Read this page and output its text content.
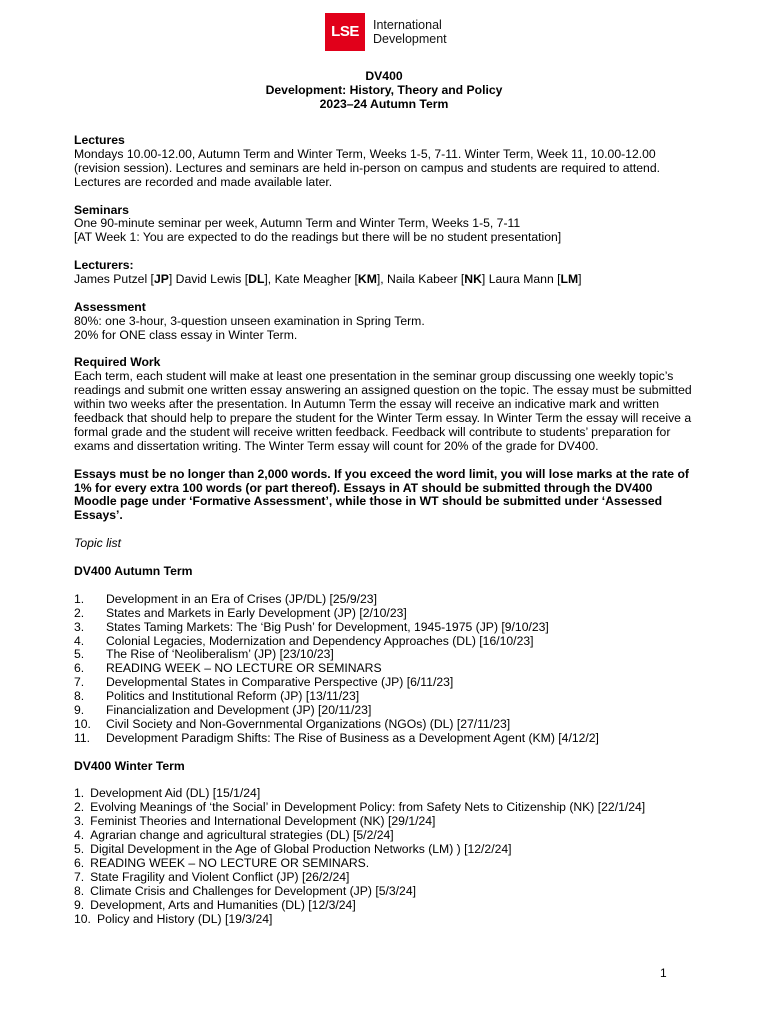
LSE	International
Development
DV400
Development: History, Theory and Policy
2023–24 Autumn Term

Lectures

Mondays 10.00-12.00, Autumn Term and Winter Term, Weeks 1-5, 7-11. Winter Term, Week 11, 10.00-12.00 (revision session). Lectures and seminars are held in-person on campus and students are required to attend. Lectures are recorded and made available later.

Seminars

One 90-minute seminar per week, Autumn Term and Winter Term, Weeks 1-5, 7-11

[AT Week 1: You are expected to do the readings but there will be no student presentation]

Lecturers:

James Putzel [JP] David Lewis [DL], Kate Meagher [KM], Naila Kabeer [NK] Laura Mann [LM]

Assessment

80%: one 3-hour, 3-question unseen examination in Spring Term.

20% for ONE class essay in Winter Term.

Required Work

Each term, each student will make at least one presentation in the seminar group discussing one weekly topic’s readings and submit one written essay answering an assigned question on the topic. The essay must be submitted within two weeks after the presentation. In Autumn Term the essay will receive an indicative mark and written feedback that should help to prepare the student for the Winter Term essay. In Winter Term the essay will receive a formal grade and the student will receive written feedback. Feedback will contribute to students’ preparation for exams and dissertation writing. The Winter Term essay will count for 20% of the grade for DV400.

Essays must be no longer than 2,000 words. If you exceed the word limit, you will lose marks at the rate of 1% for every extra 100 words (or part thereof). Essays in AT should be submitted through the DV400 Moodle page under ‘Formative Assessment’, while those in WT should be submitted under ‘Assessed Essays’.

Topic list

DV400 Autumn Term

1.	Development in an Era of Crises (JP/DL) [25/9/23]
2.	States and Markets in Early Development (JP) [2/10/23]
3.	States Taming Markets: The ‘Big Push’ for Development, 1945-1975 (JP) [9/10/23]
4.	Colonial Legacies, Modernization and Dependency Approaches (DL) [16/10/23]
5.	The Rise of ‘Neoliberalism’ (JP) [23/10/23]
6.	READING WEEK – NO LECTURE OR SEMINARS
7.	Developmental States in Comparative Perspective (JP) [6/11/23]
8.	Politics and Institutional Reform (JP) [13/11/23]
9.	Financialization and Development (JP) [20/11/23]
10.	Civil Society and Non-Governmental Organizations (NGOs) (DL) [27/11/23]
11.	Development Paradigm Shifts: The Rise of Business as a Development Agent (KM) [4/12/2]

DV400 Winter Term

1. Development Aid (DL) [15/1/24]
2. Evolving Meanings of ‘the Social’ in Development Policy: from Safety Nets to Citizenship (NK) [22/1/24]
3. Feminist Theories and International Development (NK) [29/1/24]
4. Agrarian change and agricultural strategies (DL) [5/2/24]
5. Digital Development in the Age of Global Production Networks (LM) ) [12/2/24]
6. READING WEEK – NO LECTURE OR SEMINARS.
7. State Fragility and Violent Conflict (JP) [26/2/24]
8. Climate Crisis and Challenges for Development (JP) [5/3/24]
9. Development, Arts and Humanities (DL) [12/3/24]
10. Policy and History (DL) [19/3/24]
1
